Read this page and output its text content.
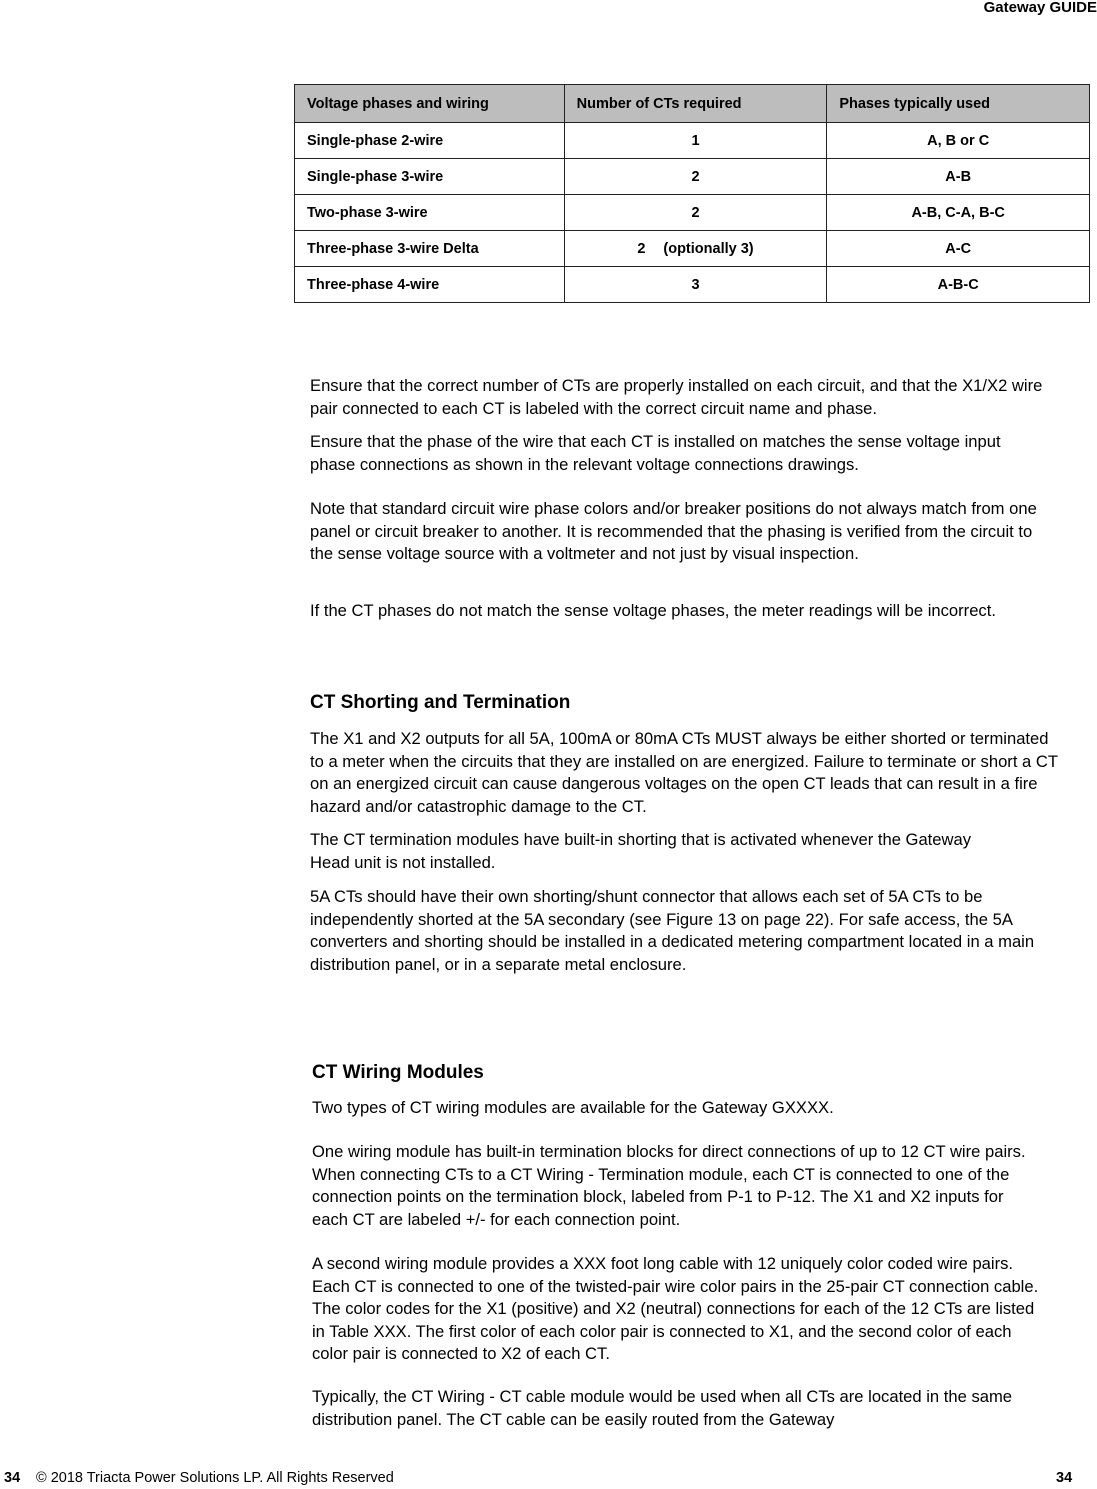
Gateway GUIDE
Voltage phases and wiring	Number of CTs required	Phases typically used
Single-phase 2-wire	1	A, B or C
Single-phase 3-wire	2	A-B
Two-phase 3-wire	2	A-B, C-A, B-C
Three-phase 3-wire Delta	2 (optionally 3)	A-C
Three-phase 4-wire	3	A-B-C

Ensure that the correct number of CTs are properly installed on each circuit, and that the X1/X2 wire pair connected to each CT is labeled with the correct circuit name and phase.

Ensure that the phase of the wire that each CT is installed on matches the sense voltage input phase connections as shown in the relevant voltage connections drawings.

Note that standard circuit wire phase colors and/or breaker positions do not always match from one panel or circuit breaker to another. It is recommended that the phasing is verified from the circuit to the sense voltage source with a voltmeter and not just by visual inspection.

If the CT phases do not match the sense voltage phases, the meter readings will be incorrect.

CT Shorting and Termination

The X1 and X2 outputs for all 5A, 100mA or 80mA CTs MUST always be either shorted or terminated to a meter when the circuits that they are installed on are energized. Failure to terminate or short a CT on an energized circuit can cause dangerous voltages on the open CT leads that can result in a fire hazard and/or catastrophic damage to the CT.

The CT termination modules have built-in shorting that is activated whenever the Gateway Head unit is not installed.

5A CTs should have their own shorting/shunt connector that allows each set of 5A CTs to be independently shorted at the 5A secondary (see Figure 13 on page 22). For safe access, the 5A converters and shorting should be installed in a dedicated metering compartment located in a main distribution panel, or in a separate metal enclosure.

CT Wiring Modules

Two types of CT wiring modules are available for the Gateway GXXXX.

One wiring module has built-in termination blocks for direct connections of up to 12 CT wire pairs. When connecting CTs to a CT Wiring - Termination module, each CT is connected to one of the connection points on the termination block, labeled from P-1 to P-12. The X1 and X2 inputs for each CT are labeled +/- for each connection point.

A second wiring module provides a XXX foot long cable with 12 uniquely color coded wire pairs. Each CT is connected to one of the twisted-pair wire color pairs in the 25-pair CT connection cable. The color codes for the X1 (positive) and X2 (neutral) connections for each of the 12 CTs are listed in Table XXX. The first color of each color pair is connected to X1, and the second color of each color pair is connected to X2 of each CT.

Typically, the CT Wiring - CT cable module would be used when all CTs are located in the same distribution panel. The CT cable can be easily routed from the Gateway

34 © 2018 Triacta Power Solutions LP. All Rights Reserved	34
